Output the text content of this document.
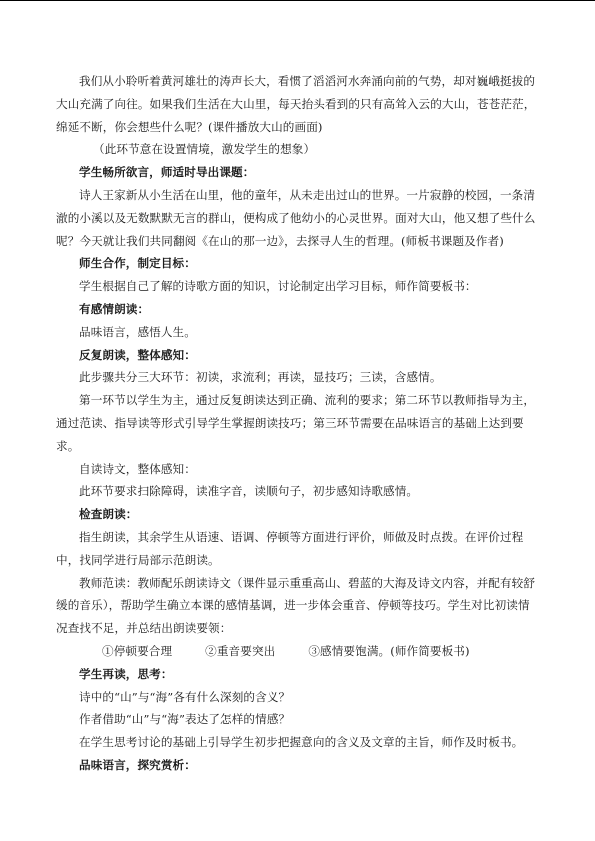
我们从小聆听着黄河雄壮的涛声长大，看惯了滔滔河水奔涌向前的气势，却对巍峨挺拔的大山充满了向往。如果我们生活在大山里，每天抬头看到的只有高耸入云的大山，苍苍茫茫，绵延不断，你会想些什么呢？(课件播放大山的画面)

（此环节意在设置情境，激发学生的想象）

学生畅所欲言，师适时导出课题：

诗人王家新从小生活在山里，他的童年，从未走出过山的世界。一片寂静的校园，一条清澈的小溪以及无数默默无言的群山，便构成了他幼小的心灵世界。面对大山，他又想了些什么呢？今天就让我们共同翻阅《在山的那一边》，去探寻人生的哲理。(师板书课题及作者)

师生合作，制定目标：

学生根据自己了解的诗歌方面的知识，讨论制定出学习目标，师作简要板书：

有感情朗读：

品味语言，感悟人生。

反复朗读，整体感知：

此步骤共分三大环节：初读，求流利；再读，显技巧；三读，含感情。

第一环节以学生为主，通过反复朗读达到正确、流利的要求；第二环节以教师指导为主，通过范读、指导读等形式引导学生掌握朗读技巧；第三环节需要在品味语言的基础上达到要求。

自读诗文，整体感知：

此环节要求扫除障碍，读准字音，读顺句子，初步感知诗歌感情。

检查朗读：

指生朗读，其余学生从语速、语调、停顿等方面进行评价，师做及时点拨。在评价过程中，找同学进行局部示范朗读。

教师范读：教师配乐朗读诗文（课件显示重重高山、碧蓝的大海及诗文内容，并配有较舒缓的音乐），帮助学生确立本课的感情基调，进一步体会重音、停顿等技巧。学生对比初读情况查找不足，并总结出朗读要领：

①停顿要合理	②重音要突出	③感情要饱满。(师作简要板书)

学生再读，思考：

诗中的“山”与“海”各有什么深刻的含义？

作者借助“山”与“海”表达了怎样的情感？

在学生思考讨论的基础上引导学生初步把握意向的含义及文章的主旨，师作及时板书。

品味语言，探究赏析：
